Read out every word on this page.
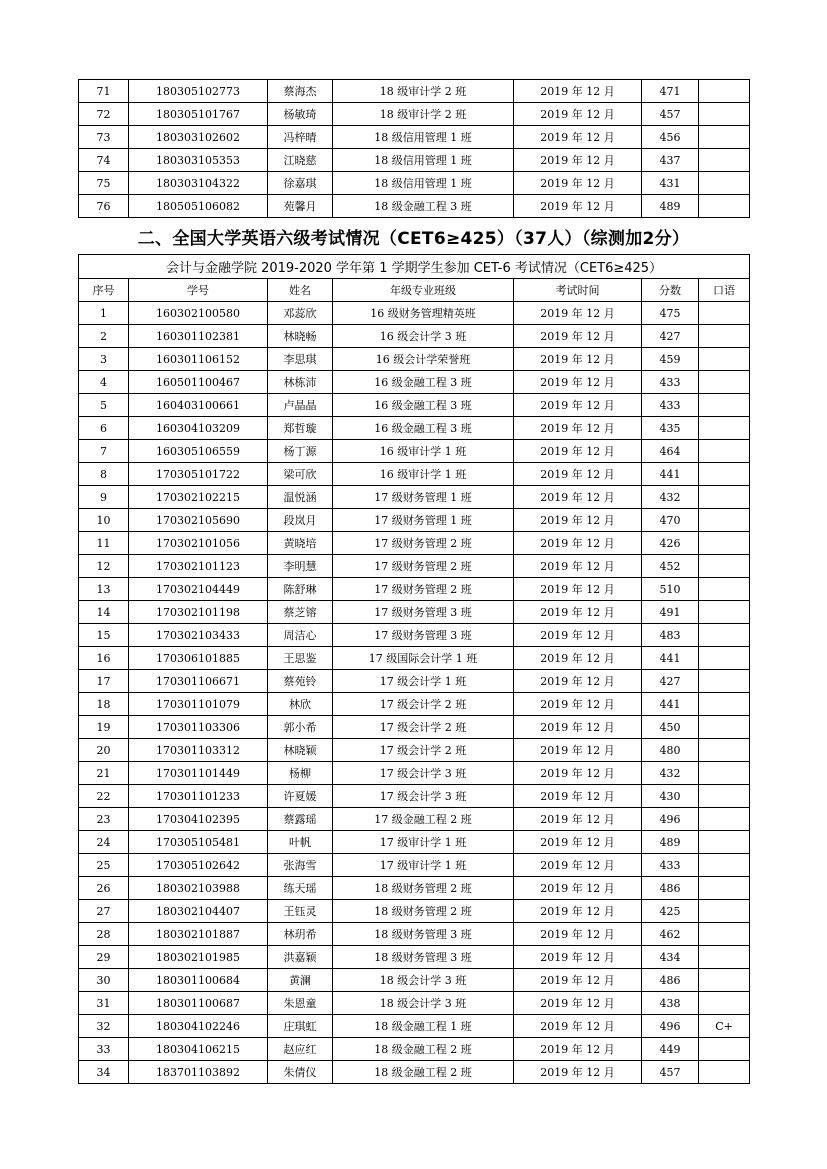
71	180305102773	蔡海杰	18 级审计学 2 班	2019 年 12 月	471	
72	180305101767	杨敏琦	18 级审计学 2 班	2019 年 12 月	457	
73	180303102602	冯梓晴	18 级信用管理 1 班	2019 年 12 月	456	
74	180303105353	江晓慈	18 级信用管理 1 班	2019 年 12 月	437	
75	180303104322	徐嘉琪	18 级信用管理 1 班	2019 年 12 月	431	
76	180505106082	苑馨月	18 级金融工程 3 班	2019 年 12 月	489	
二、全国大学英语六级考试情况（CET6≥425）（37人）（综测加2分）
会计与金融学院 2019-2020 学年第 1 学期学生参加 CET-6 考试情况（CET6≥425）						
序号	学号	姓名	年级专业班级	考试时间	分数	口语
1	160302100580	邓蕊欣	16 级财务管理精英班	2019 年 12 月	475	
2	160301102381	林晓畅	16 级会计学 3 班	2019 年 12 月	427	
3	160301106152	李思琪	16 级会计学荣誉班	2019 年 12 月	459	
4	160501100467	林栋沛	16 级金融工程 3 班	2019 年 12 月	433	
5	160403100661	卢晶晶	16 级金融工程 3 班	2019 年 12 月	433	
6	160304103209	郑哲璇	16 级金融工程 3 班	2019 年 12 月	435	
7	160305106559	杨丁源	16 级审计学 1 班	2019 年 12 月	464	
8	170305101722	梁可欣	16 级审计学 1 班	2019 年 12 月	441	
9	170302102215	温悦涵	17 级财务管理 1 班	2019 年 12 月	432	
10	170302105690	段岚月	17 级财务管理 1 班	2019 年 12 月	470	
11	170302101056	黄晓培	17 级财务管理 2 班	2019 年 12 月	426	
12	170302101123	李明慧	17 级财务管理 2 班	2019 年 12 月	452	
13	170302104449	陈舒琳	17 级财务管理 2 班	2019 年 12 月	510	
14	170302101198	蔡芝镕	17 级财务管理 3 班	2019 年 12 月	491	
15	170302103433	周洁心	17 级财务管理 3 班	2019 年 12 月	483	
16	170306101885	王思鉴	17 级国际会计学 1 班	2019 年 12 月	441	
17	170301106671	蔡苑铃	17 级会计学 1 班	2019 年 12 月	427	
18	170301101079	林欣	17 级会计学 2 班	2019 年 12 月	441	
19	170301103306	郭小希	17 级会计学 2 班	2019 年 12 月	450	
20	170301103312	林晓颖	17 级会计学 2 班	2019 年 12 月	480	
21	170301101449	杨柳	17 级会计学 3 班	2019 年 12 月	432	
22	170301101233	许夏媛	17 级会计学 3 班	2019 年 12 月	430	
23	170304102395	蔡露瑶	17 级金融工程 2 班	2019 年 12 月	496	
24	170305105481	叶帆	17 级审计学 1 班	2019 年 12 月	489	
25	170305102642	张海雪	17 级审计学 1 班	2019 年 12 月	433	
26	180302103988	练天瑶	18 级财务管理 2 班	2019 年 12 月	486	
27	180302104407	王钰灵	18 级财务管理 2 班	2019 年 12 月	425	
28	180302101887	林玥希	18 级财务管理 3 班	2019 年 12 月	462	
29	180302101985	洪嘉颖	18 级财务管理 3 班	2019 年 12 月	434	
30	180301100684	黄澜	18 级会计学 3 班	2019 年 12 月	486	
31	180301100687	朱恩童	18 级会计学 3 班	2019 年 12 月	438	
32	180304102246	庄琪虹	18 级金融工程 1 班	2019 年 12 月	496	C+
33	180304106215	赵应红	18 级金融工程 2 班	2019 年 12 月	449	
34	183701103892	朱倩仪	18 级金融工程 2 班	2019 年 12 月	457	
